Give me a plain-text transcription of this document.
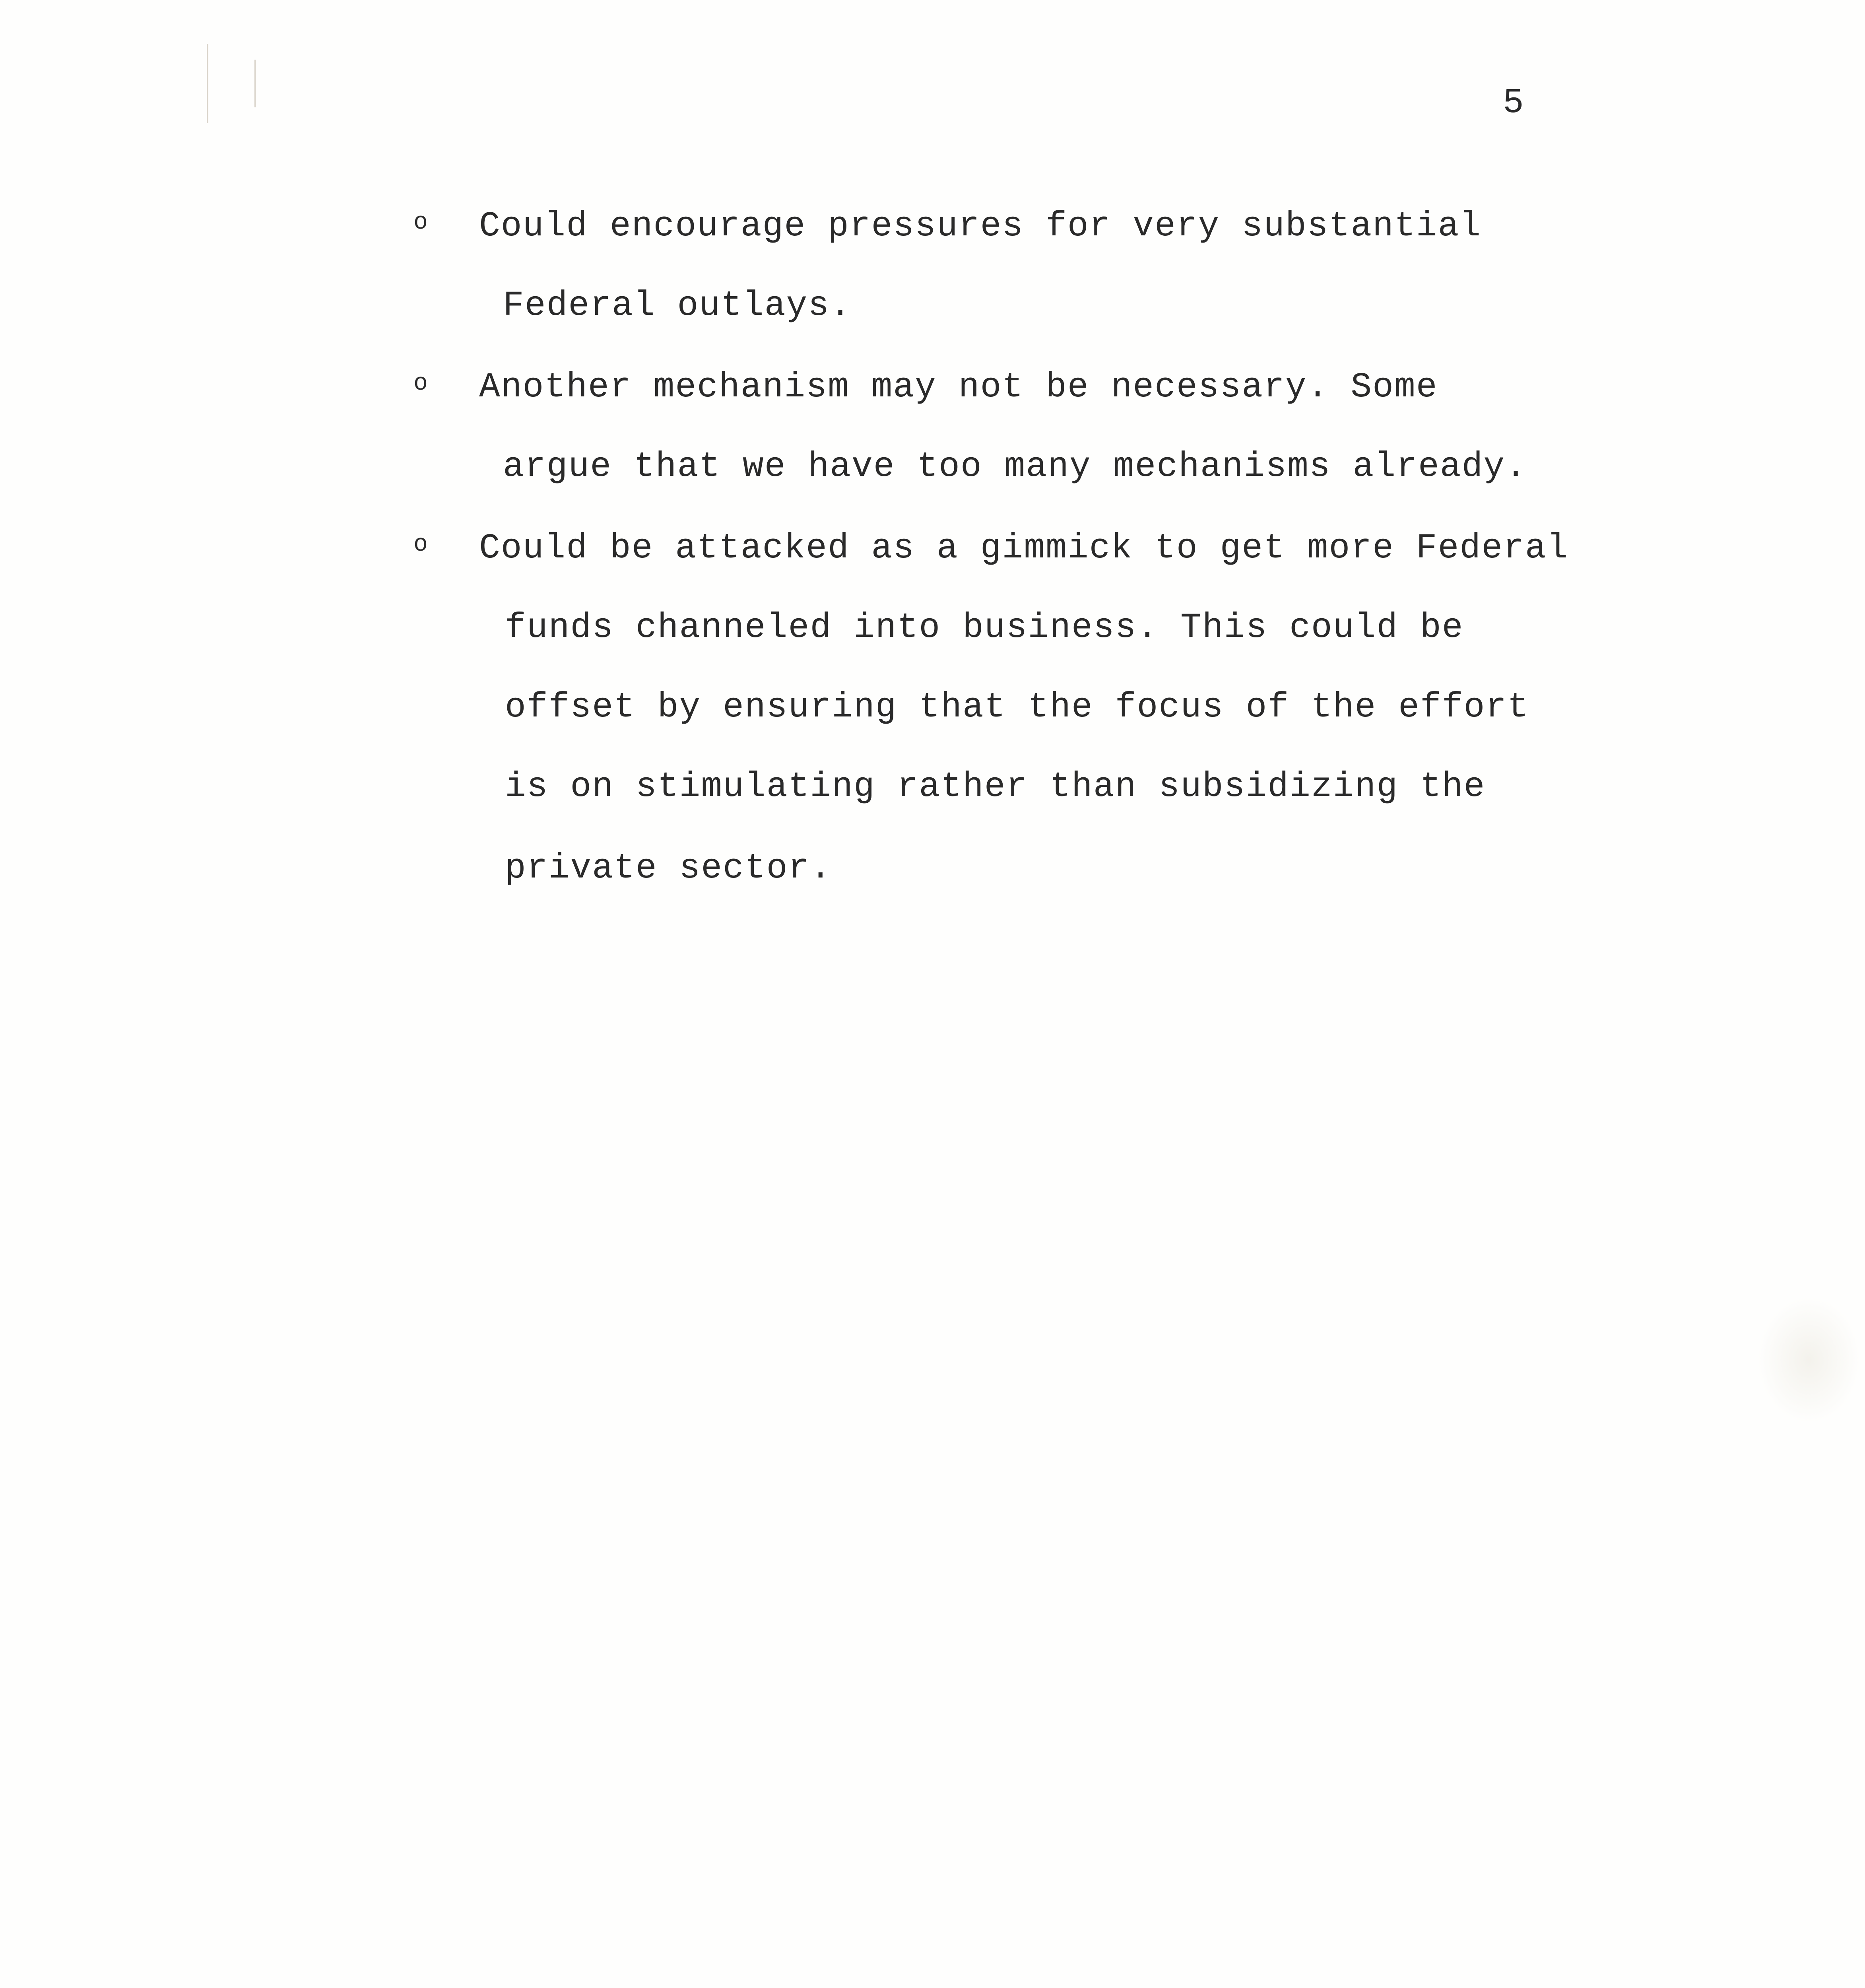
5
o Could encourage pressures for very substantial
Federal outlays.
o Another mechanism may not be necessary. Some
argue that we have too many mechanisms already.
o Could be attacked as a gimmick to get more Federal
funds channeled into business. This could be
offset by ensuring that the focus of the effort
is on stimulating rather than subsidizing the
private sector.
